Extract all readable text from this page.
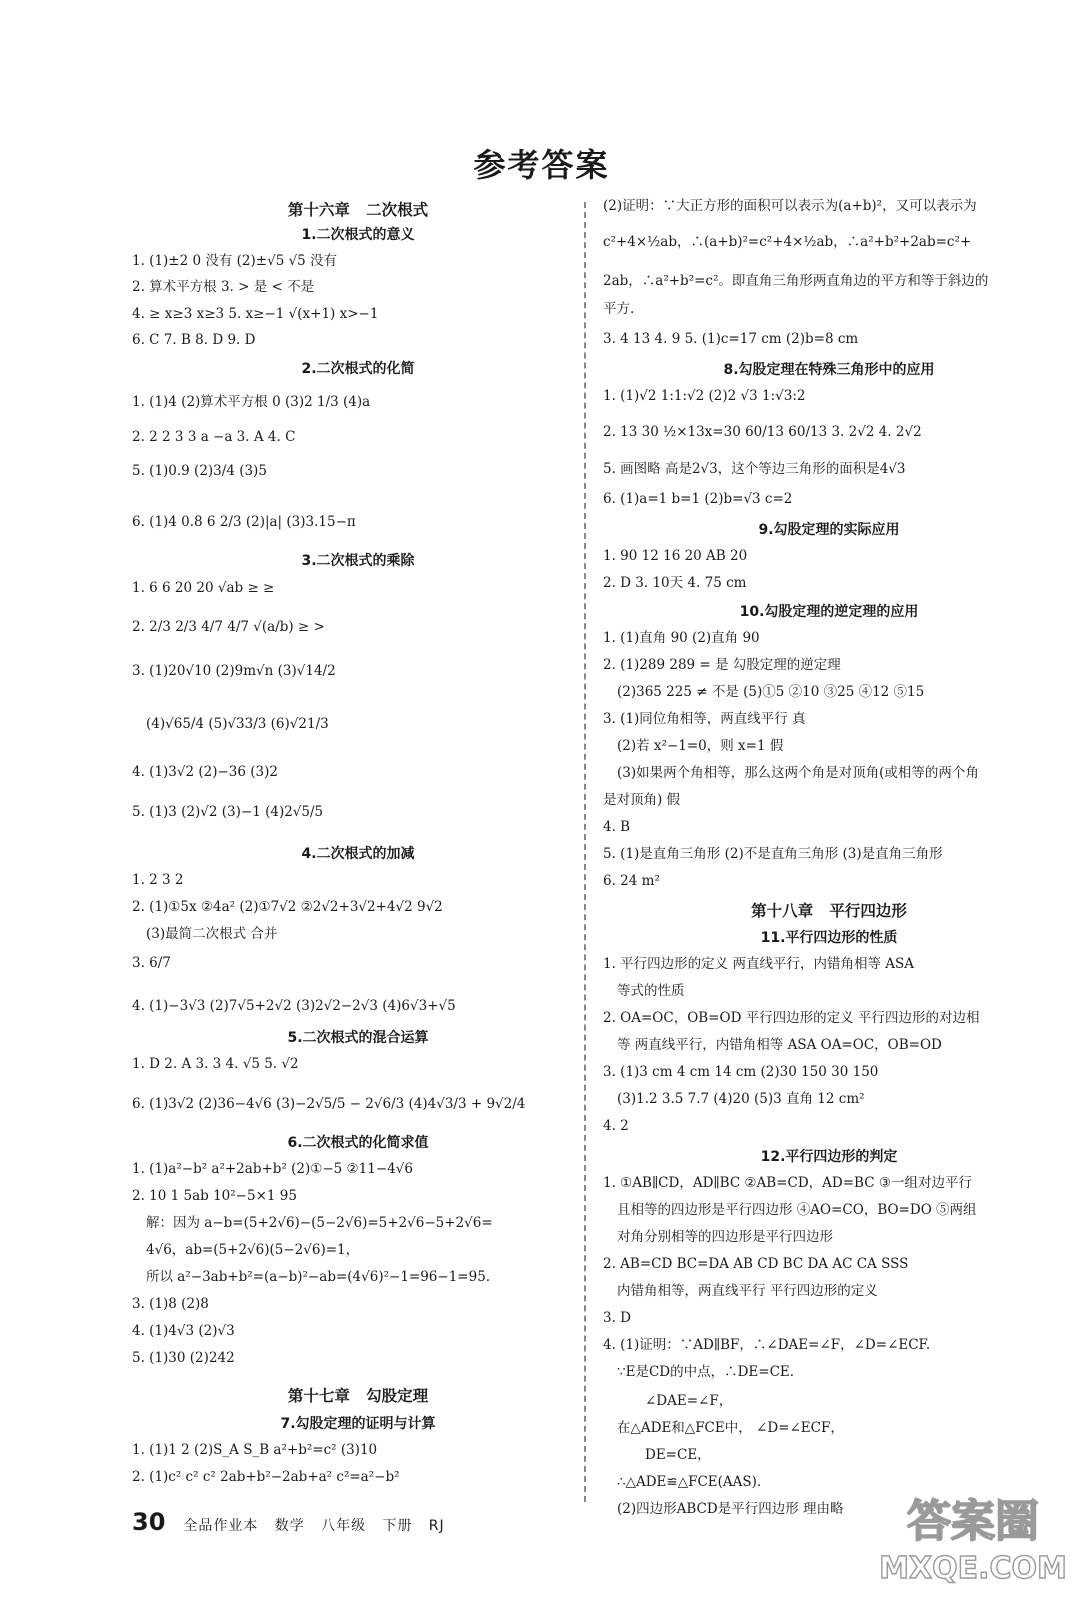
参考答案
第十六章   二次根式
1.二次根式的意义
1. (1)±2 0 没有 (2)±√5 √5 没有
2. 算术平方根 3. > 是 < 不是
4. ≥ x≥3 x≥3 5. x≥−1 √(x+1) x>−1
6. C 7. B 8. D 9. D
2.二次根式的化简
1. (1)4 (2)算术平方根 0 (3)2 1/3 (4)a
2. 2 2 3 3 a −a 3. A 4. C
5. (1)0.9 (2)3/4 (3)5
6. (1)4 0.8 6 2/3 (2)|a| (3)3.15−π
3.二次根式的乘除
1. 6 6 20 20 √ab ≥ ≥
2. 2/3 2/3 4/7 4/7 √(a/b) ≥ >
3. (1)20√10 (2)9m√n (3)√14/2
(4)√65/4 (5)√33/3 (6)√21/3
4. (1)3√2 (2)−36 (3)2
5. (1)3 (2)√2 (3)−1 (4)2√5/5
4.二次根式的加减
1. 2 3 2
2. (1)①5x ②4a² (2)①7√2 ②2√2+3√2+4√2 9√2
(3)最简二次根式 合并
3. 6/7
4. (1)−3√3 (2)7√5+2√2 (3)2√2−2√3 (4)6√3+√5
5.二次根式的混合运算
1. D 2. A 3. 3 4. √5 5. √2
6. (1)3√2 (2)36−4√6 (3)−2√5/5 − 2√6/3 (4)4√3/3 + 9√2/4
6.二次根式的化简求值
1. (1)a²−b² a²+2ab+b² (2)①−5 ②11−4√6
2. 10 1 5ab 10²−5×1 95
解：因为 a−b=(5+2√6)−(5−2√6)=5+2√6−5+2√6=
4√6，ab=(5+2√6)(5−2√6)=1，
所以 a²−3ab+b²=(a−b)²−ab=(4√6)²−1=96−1=95.
3. (1)8 (2)8
4. (1)4√3 (2)√3
5. (1)30 (2)242
第十七章   勾股定理
7.勾股定理的证明与计算
1. (1)1 2 (2)S_A S_B a²+b²=c² (3)10
2. (1)c² c² c² 2ab+b²−2ab+a² c²=a²−b²
(2)证明：∵大正方形的面积可以表示为(a+b)²，又可以表示为
c²+4×½ab，∴(a+b)²=c²+4×½ab，∴a²+b²+2ab=c²+
2ab，∴a²+b²=c²。即直角三角形两直角边的平方和等于斜边的
平方.
3. 4 13 4. 9 5. (1)c=17 cm (2)b=8 cm
8.勾股定理在特殊三角形中的应用
1. (1)√2 1:1:√2 (2)2 √3 1:√3:2
2. 13 30 ½×13x=30 60/13 60/13 3. 2√2 4. 2√2
5. 画图略 高是2√3，这个等边三角形的面积是4√3
6. (1)a=1 b=1 (2)b=√3 c=2
9.勾股定理的实际应用
1. 90 12 16 20 AB 20
2. D 3. 10天 4. 75 cm
10.勾股定理的逆定理的应用
1. (1)直角 90 (2)直角 90
2. (1)289 289 = 是 勾股定理的逆定理
(2)365 225 ≠ 不是 (5)①5 ②10 ③25 ④12 ⑤15
3. (1)同位角相等，两直线平行 真
(2)若 x²−1=0，则 x=1 假
(3)如果两个角相等，那么这两个角是对顶角(或相等的两个角
是对顶角) 假
4. B
5. (1)是直角三角形 (2)不是直角三角形 (3)是直角三角形
6. 24 m²
第十八章   平行四边形
11.平行四边形的性质
1. 平行四边形的定义 两直线平行，内错角相等 ASA
等式的性质
2. OA=OC，OB=OD 平行四边形的定义 平行四边形的对边相
等 两直线平行，内错角相等 ASA OA=OC，OB=OD
3. (1)3 cm 4 cm 14 cm (2)30 150 30 150
(3)1.2 3.5 7.7 (4)20 (5)3 直角 12 cm²
4. 2
12.平行四边形的判定
1. ①AB∥CD，AD∥BC ②AB=CD，AD=BC ③一组对边平行
且相等的四边形是平行四边形 ④AO=CO，BO=DO ⑤两组
对角分别相等的四边形是平行四边形
2. AB=CD BC=DA AB CD BC DA AC CA SSS
内错角相等，两直线平行 平行四边形的定义
3. D
4. (1)证明：∵AD∥BF，∴∠DAE=∠F，∠D=∠ECF.
∵E是CD的中点，∴DE=CE.
∠DAE=∠F，
在△ADE和△FCE中， ∠D=∠ECF，
DE=CE，
∴△ADE≌△FCE(AAS).
(2)四边形ABCD是平行四边形 理由略
30 全品作业本   数学   八年级   下册   RJ	答案圈
MXQE.COM
